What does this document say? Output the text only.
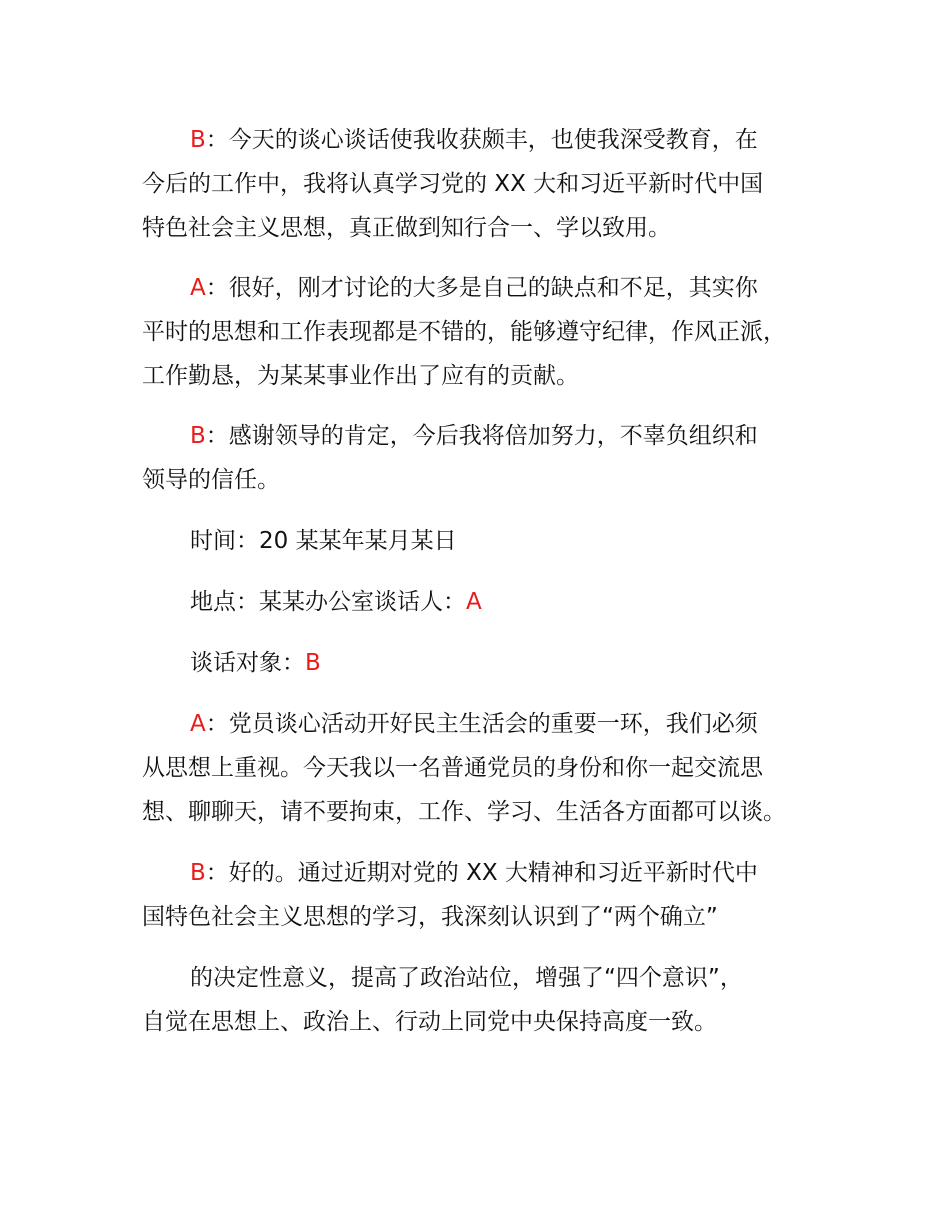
B：今天的谈心谈话使我收获颇丰，也使我深受教育，在
今后的工作中，我将认真学习党的 XX 大和习近平新时代中国
特色社会主义思想，真正做到知行合一、学以致用。
A：很好，刚才讨论的大多是自己的缺点和不足，其实你
平时的思想和工作表现都是不错的，能够遵守纪律，作风正派，
工作勤恳，为某某事业作出了应有的贡献。
B：感谢领导的肯定，今后我将倍加努力，不辜负组织和
领导的信任。
时间：20 某某年某月某日
地点：某某办公室谈话人：A
谈话对象：B
A：党员谈心活动开好民主生活会的重要一环，我们必须
从思想上重视。今天我以一名普通党员的身份和你一起交流思
想、聊聊天，请不要拘束，工作、学习、生活各方面都可以谈。
B：好的。通过近期对党的 XX 大精神和习近平新时代中
国特色社会主义思想的学习，我深刻认识到了“两个确立”
的决定性意义，提高了政治站位，增强了“四个意识”，
自觉在思想上、政治上、行动上同党中央保持高度一致。
